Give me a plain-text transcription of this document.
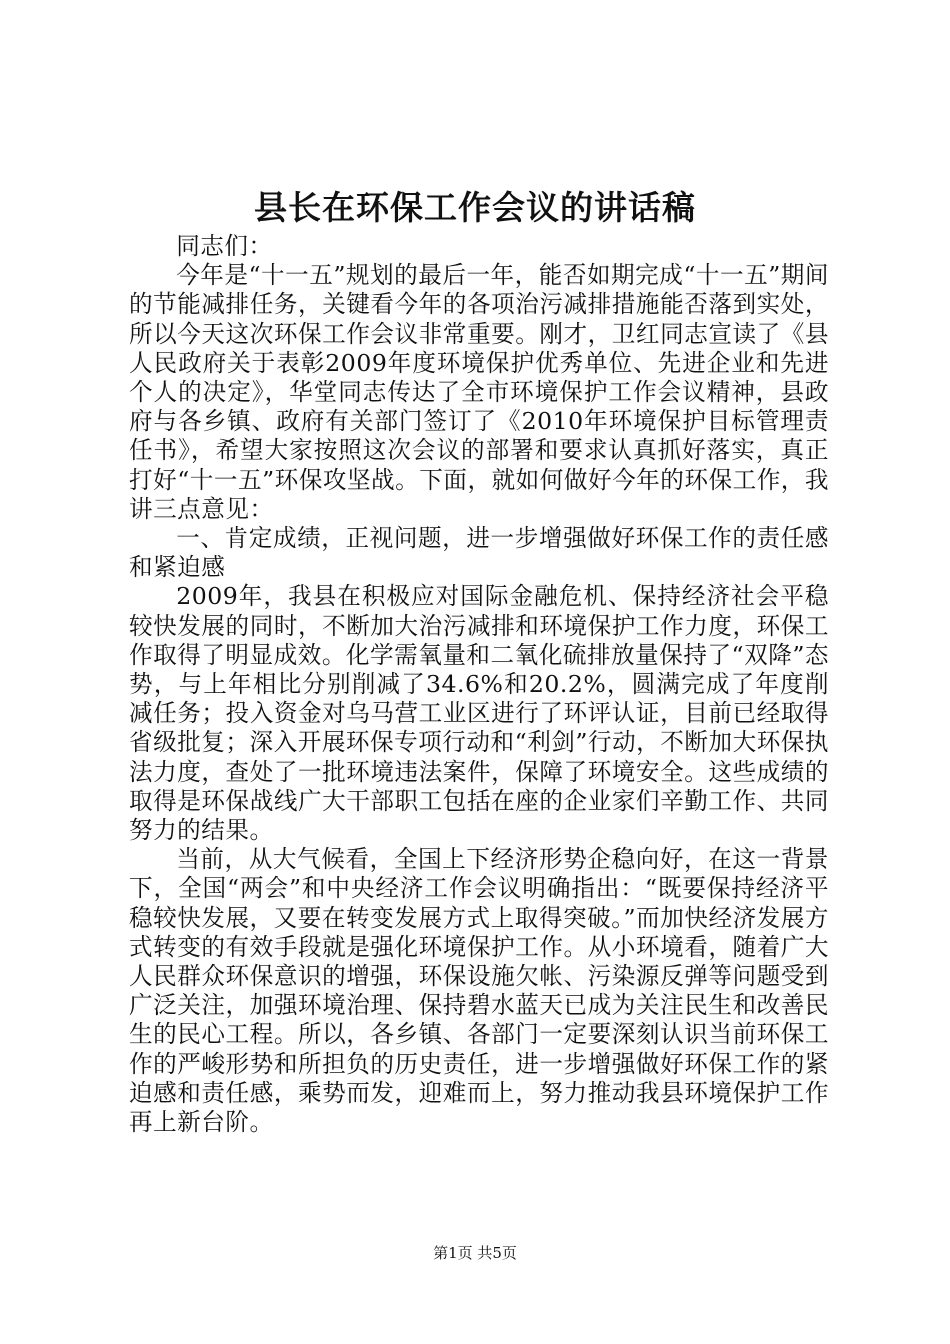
县长在环保工作会议的讲话稿

同志们：

今年是“十一五”规划的最后一年，能否如期完成“十一五”期间的节能减排任务，关键看今年的各项治污减排措施能否落到实处，所以今天这次环保工作会议非常重要。刚才，卫红同志宣读了《县人民政府关于表彰2009年度环境保护优秀单位、先进企业和先进个人的决定》，华堂同志传达了全市环境保护工作会议精神，县政府与各乡镇、政府有关部门签订了《2010年环境保护目标管理责任书》，希望大家按照这次会议的部署和要求认真抓好落实，真正打好“十一五”环保攻坚战。下面，就如何做好今年的环保工作，我讲三点意见：

一、肯定成绩，正视问题，进一步增强做好环保工作的责任感和紧迫感

2009年，我县在积极应对国际金融危机、保持经济社会平稳较快发展的同时，不断加大治污减排和环境保护工作力度，环保工作取得了明显成效。化学需氧量和二氧化硫排放量保持了“双降”态势，与上年相比分别削减了34.6%和20.2%，圆满完成了年度削减任务；投入资金对乌马营工业区进行了环评认证，目前已经取得省级批复；深入开展环保专项行动和“利剑”行动，不断加大环保执法力度，查处了一批环境违法案件，保障了环境安全。这些成绩的取得是环保战线广大干部职工包括在座的企业家们辛勤工作、共同努力的结果。

当前，从大气候看，全国上下经济形势企稳向好，在这一背景下，全国“两会”和中央经济工作会议明确指出：“既要保持经济平稳较快发展，又要在转变发展方式上取得突破。”而加快经济发展方式转变的有效手段就是强化环境保护工作。从小环境看，随着广大人民群众环保意识的增强，环保设施欠帐、污染源反弹等问题受到广泛关注，加强环境治理、保持碧水蓝天已成为关注民生和改善民生的民心工程。所以，各乡镇、各部门一定要深刻认识当前环保工作的严峻形势和所担负的历史责任，进一步增强做好环保工作的紧迫感和责任感，乘势而发，迎难而上，努力推动我县环境保护工作再上新台阶。

第1页 共5页
